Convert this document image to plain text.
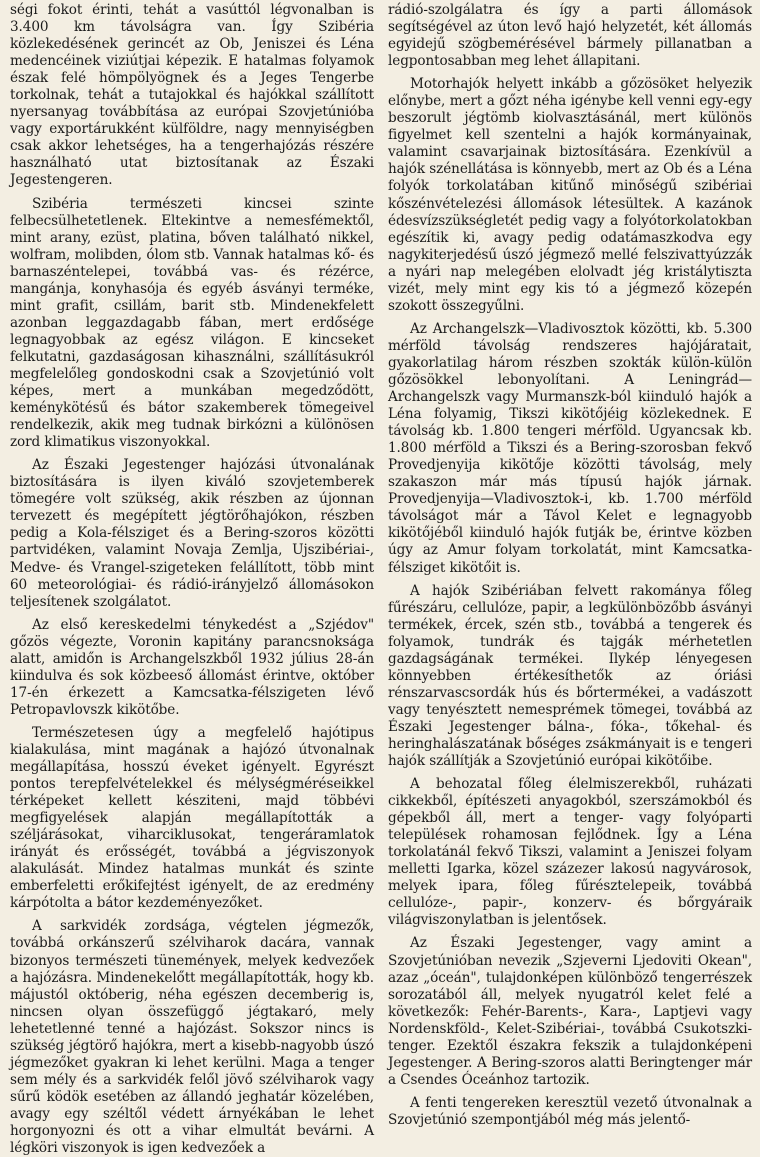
ségi fokot érinti, tehát a vasúttól légvonalban is 3.400 km távolságra van. Így Szibéria közlekedésének gerincét az Ob, Jeniszei és Léna medencéinek viziútjai képezik. E hatalmas folyamok észak felé hömpölyögnek és a Jeges Tengerbe torkolnak, tehát a tutajokkal és hajókkal szállított nyersanyag továbbítása az európai Szovjetúnióba vagy exportárukként külföldre, nagy mennyiségben csak akkor lehetséges, ha a tengerhajózás részére használható utat biztosítanak az Északi Jegestengeren.

Szibéria természeti kincsei szinte felbecsülhetetlenek. Eltekintve a nemesfémektől, mint arany, ezüst, platina, bőven található nikkel, wolfram, molibden, ólom stb. Vannak hatalmas kő- és barnaszéntelepei, továbbá vas- és rézérce, mangánja, konyhasója és egyéb ásványi terméke, mint grafit, csillám, barit stb. Mindenekfelett azonban leggazdagabb fában, mert erdősége legnagyobbak az egész világon. E kincseket felkutatni, gazdaságosan kihasználni, szállításukról megfelelőleg gondoskodni csak a Szovjetúnió volt képes, mert a munkában megedződött, keménykötésű és bátor szakemberek tömegeivel rendelkezik, akik meg tudnak birkózni a különösen zord klimatikus viszonyokkal.

Az Északi Jegestenger hajózási útvonalának biztosítására is ilyen kiváló szovjetemberek tömegére volt szükség, akik részben az újonnan tervezett és megépített jégtörőhajókon, részben pedig a Kola-félsziget és a Bering-szoros közötti partvidéken, valamint Novaja Zemlja, Ujszibériai-, Medve- és Vrangel-szigeteken felállított, több mint 60 meteorológiai- és rádió-irányjelző állomásokon teljesítenek szolgálatot.

Az első kereskedelmi ténykedést a „Szjédov" gőzös végezte, Voronin kapitány parancsnoksága alatt, amidőn is Archangelszkből 1932 július 28-án kiindulva és sok közbeeső állomást érintve, október 17-én érkezett a Kamcsatka-félszigeten lévő Petropavlovszk kikötőbe.

Természetesen úgy a megfelelő hajótipus kialakulása, mint magának a hajózó útvonalnak megállapítása, hosszú éveket igényelt. Egyrészt pontos terepfelvételekkel és mélységméréseikkel térképeket kellett késziteni, majd többévi megfigyelések alapján megállapították a széljárásokat, viharciklusokat, tengeráramlatok irányát és erősségét, továbbá a jégviszonyok alakulását. Mindez hatalmas munkát és szinte emberfeletti erőkifejtést igényelt, de az eredmény kárpótolta a bátor kezdeményezőket.

A sarkvidék zordsága, végtelen jégmezők, továbbá orkánszerű szélviharok dacára, vannak bizonyos természeti tünemények, melyek kedvezőek a hajózásra. Mindenekelőtt megállapították, hogy kb. májustól októberig, néha egészen decemberig is, nincsen olyan összefüggő jégtakaró, mely lehetetlenné tenné a hajózást. Sokszor nincs is szükség jégtörő hajókra, mert a kisebb-nagyobb úszó jégmezőket gyakran ki lehet kerülni. Maga a tenger sem mély és a sarkvidék felől jövő szélviharok vagy sűrű ködök esetében az állandó jeghatár közelében, avagy egy széltől védett árnyékában le lehet horgonyozni és ott a vihar elmultát bevárni. A légköri viszonyok is igen kedvezőek a

rádió-szolgálatra és így a parti állomások segítségével az úton levő hajó helyzetét, két állomás egyidejű szögbemérésével bármely pillanatban a legpontosabban meg lehet állapitani.

Motorhajók helyett inkább a gőzösöket helyezik előnybe, mert a gőzt néha igénybe kell venni egy-egy beszorult jégtömb kiolvasztásánál, mert különös figyelmet kell szentelni a hajók kormányainak, valamint csavarjainak biztosítására. Ezenkívül a hajók szénellátása is könnyebb, mert az Ob és a Léna folyók torkolatában kitűnő minőségű szibériai kőszénvételezési állomások létesültek. A kazánok édesvízszükségletét pedig vagy a folyótorkolatokban egészítik ki, avagy pedig odatámaszkodva egy nagykiterjedésű úszó jégmező mellé felszivattyúzzák a nyári nap melegében elolvadt jég kristálytiszta vizét, mely mint egy kis tó a jégmező közepén szokott összegyűlni.

Az Archangelszk—Vladivosztok közötti, kb. 5.300 mérföld távolság rendszeres hajójáratait, gyakorlatilag három részben szokták külön-külön gőzösökkel lebonyolítani. A Leningrád—Archangelszk vagy Murmanszk-ból kiinduló hajók a Léna folyamig, Tikszi kikötőjéig közlekednek. E távolság kb. 1.800 tengeri mérföld. Ugyancsak kb. 1.800 mérföld a Tikszi és a Bering-szorosban fekvő Provedjenyija kikötője közötti távolság, mely szakaszon már más típusú hajók járnak. Provedjenyija—Vladivosztok-i, kb. 1.700 mérföld távolságot már a Távol Kelet e legnagyobb kikötőjéből kiinduló hajók futják be, érintve közben úgy az Amur folyam torkolatát, mint Kamcsatka-félsziget kikötőit is.

A hajók Szibériában felvett rakománya főleg fűrészáru, cellulóze, papir, a legkülönbözőbb ásványi termékek, ércek, szén stb., továbbá a tengerek és folyamok, tundrák és tajgák mérhetetlen gazdagságának termékei. Ilykép lényegesen könnyebben értékesíthetők az óriási rénszarvascsordák hús és bőrtermékei, a vadászott vagy tenyésztett nemesprémek tömegei, továbbá az Északi Jegestenger bálna-, fóka-, tőkehal- és heringhalászatának bőséges zsákmányait is e tengeri hajók szállítják a Szovjetúnió európai kikötőibe.

A behozatal főleg élelmiszerekből, ruházati cikkekből, építészeti anyagokból, szerszámokból és gépekből áll, mert a tenger- vagy folyóparti települések rohamosan fejlődnek. Így a Léna torkolatánál fekvő Tikszi, valamint a Jeniszei folyam melletti Igarka, közel százezer lakosú nagyvárosok, melyek ipara, főleg fűrésztelepeik, továbbá cellulóze-, papir-, konzerv- és bőrgyáraik világviszonylatban is jelentősek.

Az Északi Jegestenger, vagy amint a Szovjetúnióban nevezik „Szjeverni Ljedoviti Okean", azaz „óceán", tulajdonképen különböző tengerrészek sorozatából áll, melyek nyugatról kelet felé a következők: Fehér-Barents-, Kara-, Laptjevi vagy Nordenskföld-, Kelet-Szibériai-, továbbá Csukotszki-tenger. Ezektől északra fekszik a tulajdonképeni Jegestenger. A Bering-szoros alatti Beringtenger már a Csendes Óceánhoz tartozik.

A fenti tengereken keresztül vezető útvonalnak a Szovjetúnió szempontjából még más jelentő-
